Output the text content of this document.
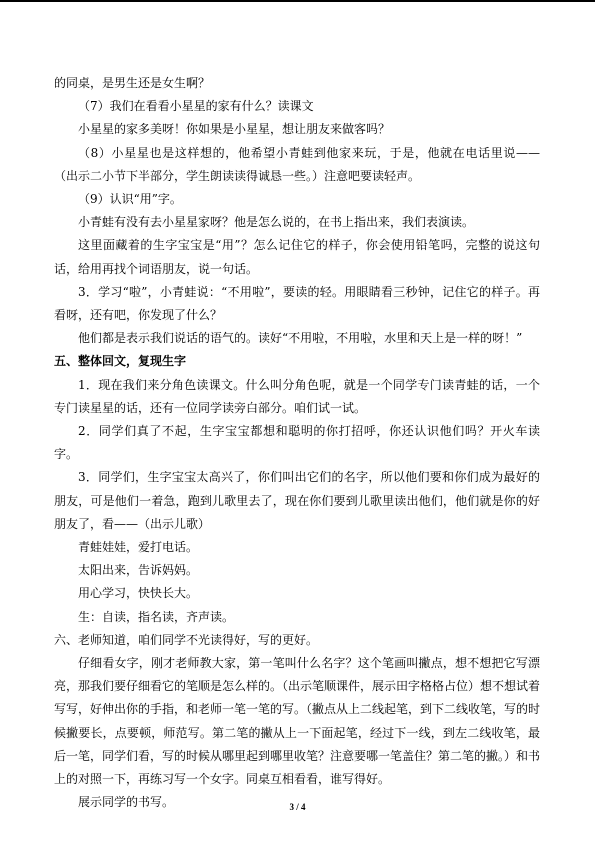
的同桌，是男生还是女生啊？

（7）我们在看看小星星的家有什么？读课文

小星星的家多美呀！你如果是小星星，想让朋友来做客吗？

（8）小星星也是这样想的，他希望小青蛙到他家来玩，于是，他就在电话里说——（出示二小节下半部分，学生朗读读得诚恳一些。）注意吧要读轻声。

（9）认识“用”字。

小青蛙有没有去小星星家呀？他是怎么说的，在书上指出来，我们表演读。

这里面藏着的生字宝宝是“用”？怎么记住它的样子，你会使用铅笔吗，完整的说这句话，给用再找个词语朋友，说一句话。

3．学习“啦”，小青蛙说：“不用啦”，要读的轻。用眼睛看三秒钟，记住它的样子。再看呀，还有吧，你发现了什么？

他们都是表示我们说话的语气的。读好“不用啦，不用啦，水里和天上是一样的呀！”

五、整体回文，复现生字

1．现在我们来分角色读课文。什么叫分角色呢，就是一个同学专门读青蛙的话，一个专门读星星的话，还有一位同学读旁白部分。咱们试一试。

2．同学们真了不起，生字宝宝都想和聪明的你打招呼，你还认识他们吗？开火车读字。

3．同学们，生字宝宝太高兴了，你们叫出它们的名字，所以他们要和你们成为最好的朋友，可是他们一着急，跑到儿歌里去了，现在你们要到儿歌里读出他们，他们就是你的好朋友了，看——（出示儿歌）

青蛙娃娃，爱打电话。

太阳出来，告诉妈妈。

用心学习，快快长大。

生：自读，指名读，齐声读。

六、老师知道，咱们同学不光读得好，写的更好。

仔细看女字，刚才老师教大家，第一笔叫什么名字？这个笔画叫撇点，想不想把它写漂亮，那我们要仔细看它的笔顺是怎么样的。（出示笔顺课件，展示田字格格占位）想不想试着写写，好伸出你的手指，和老师一笔一笔的写。（撇点从上二线起笔，到下二线收笔，写的时候撇要长，点要顿，师范写。第二笔的撇从上一下面起笔，经过下一线，到左二线收笔，最后一笔，同学们看，写的时候从哪里起到哪里收笔？注意要哪一笔盖住？第二笔的撇。）和书上的对照一下，再练习写一个女字。同桌互相看看，谁写得好。

展示同学的书写。	3 / 4
